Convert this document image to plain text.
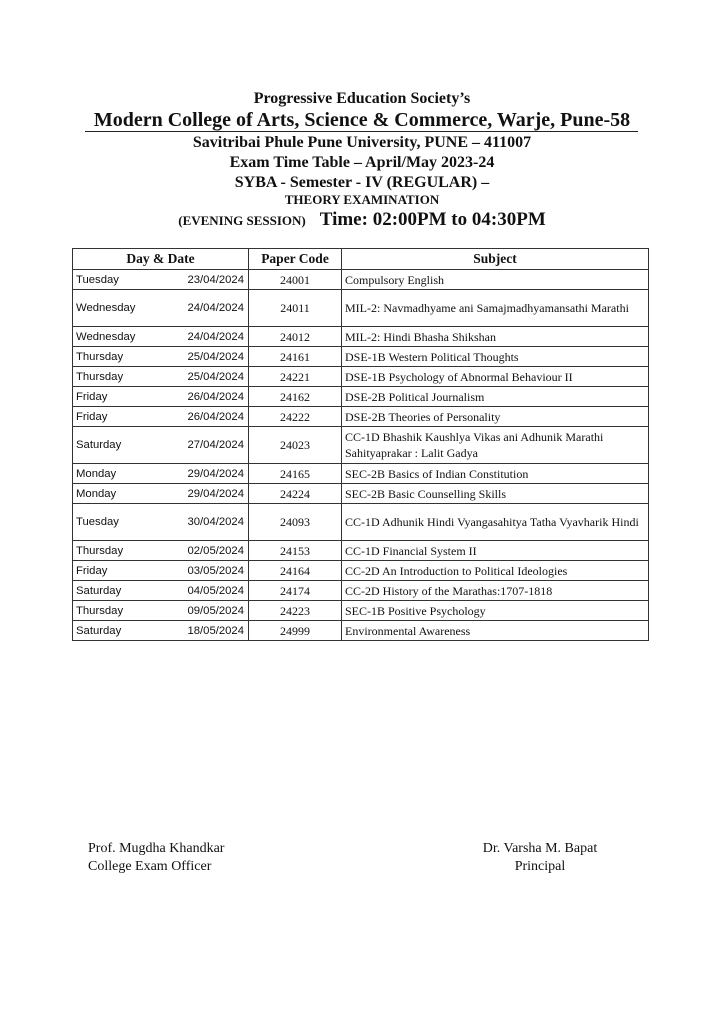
Progressive Education Society’s
Modern College of Arts, Science & Commerce, Warje, Pune-58
Savitribai Phule Pune University, PUNE – 411007
Exam Time Table – April/May 2023-24
SYBA - Semester - IV (REGULAR) –
THEORY EXAMINATION
(EVENING SESSION) Time: 02:00PM to 04:30PM
Day & Date	Paper Code	Subject

Tuesday 23/04/2024	24001	Compulsory English

Wednesday 24/04/2024	24011	MIL-2: Navmadhyame ani Samajmadhyamansathi Marathi

Wednesday 24/04/2024	24012	MIL-2: Hindi Bhasha Shikshan

Thursday 25/04/2024	24161	DSE-1B Western Political Thoughts

Thursday 25/04/2024	24221	DSE-1B Psychology of Abnormal Behaviour II

Friday 26/04/2024	24162	DSE-2B Political Journalism

Friday 26/04/2024	24222	DSE-2B Theories of Personality

Saturday 27/04/2024	24023	CC-1D Bhashik Kaushlya Vikas ani Adhunik Marathi Sahityaprakar : Lalit Gadya

Monday 29/04/2024	24165	SEC-2B Basics of Indian Constitution

Monday 29/04/2024	24224	SEC-2B Basic Counselling Skills

Tuesday 30/04/2024	24093	CC-1D Adhunik Hindi Vyangasahitya Tatha Vyavharik Hindi

Thursday 02/05/2024	24153	CC-1D Financial System II

Friday 03/05/2024	24164	CC-2D An Introduction to Political Ideologies

Saturday 04/05/2024	24174	CC-2D History of the Marathas:1707-1818

Thursday 09/05/2024	24223	SEC-1B Positive Psychology

Saturday 18/05/2024	24999	Environmental Awareness
Prof. Mugdha Khandkar
College Exam Officer
Dr. Varsha M. Bapat
Principal
